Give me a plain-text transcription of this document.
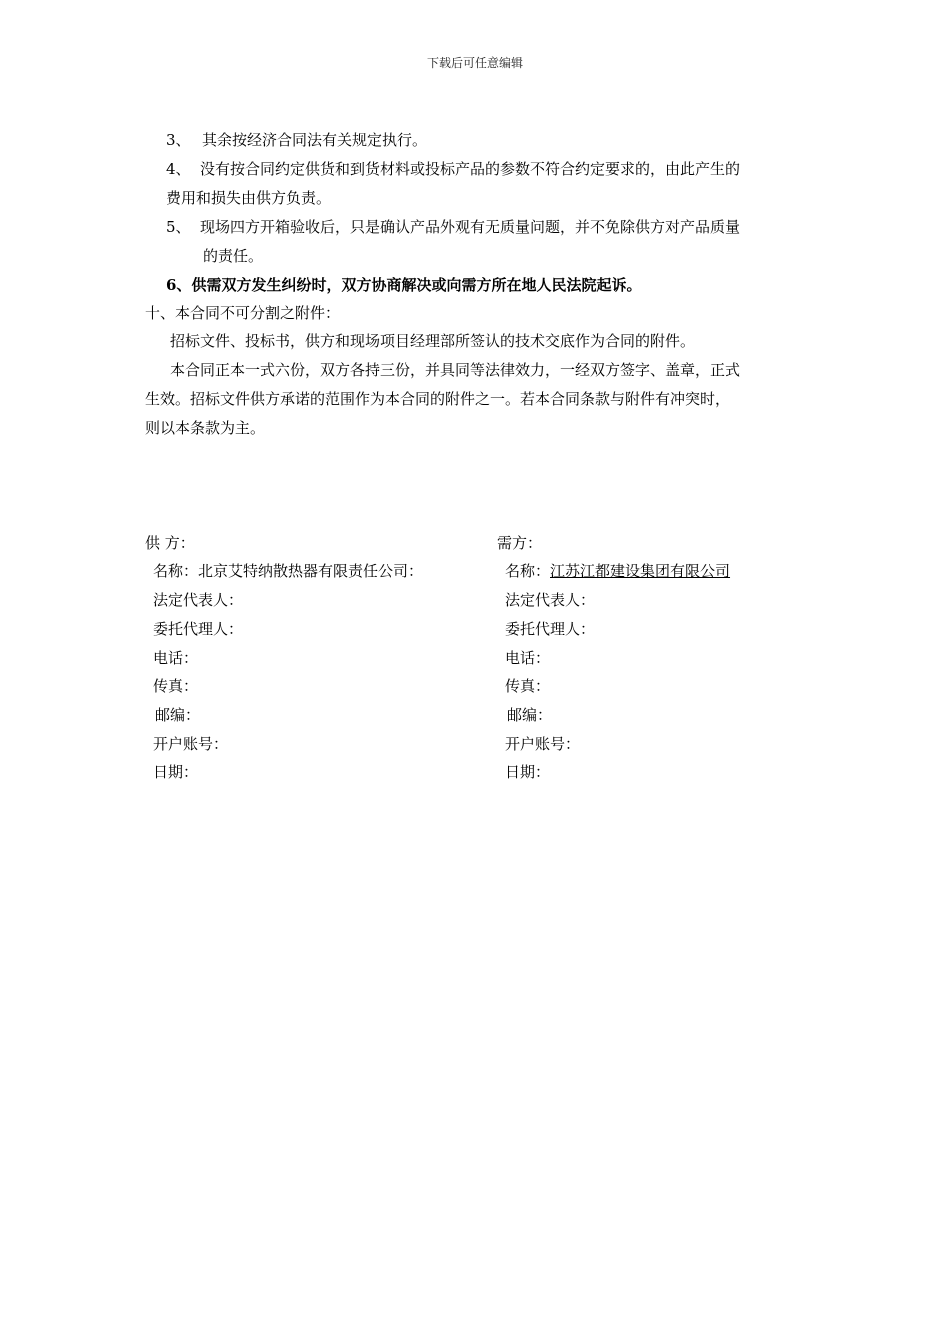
下载后可任意编辑
3、 其余按经济合同法有关规定执行。
4、 没有按合同约定供货和到货材料或投标产品的参数不符合约定要求的，由此产生的
费用和损失由供方负责。
5、 现场四方开箱验收后，只是确认产品外观有无质量问题，并不免除供方对产品质量
的责任。
6、供需双方发生纠纷时，双方协商解决或向需方所在地人民法院起诉。
十、本合同不可分割之附件：
招标文件、投标书，供方和现场项目经理部所签认的技术交底作为合同的附件。
本合同正本一式六份，双方各持三份，并具同等法律效力，一经双方签字、盖章，正式
生效。招标文件供方承诺的范围作为本合同的附件之一。若本合同条款与附件有冲突时，
则以本条款为主。
供 方：
名称：北京艾特纳散热器有限责任公司：
法定代表人：
委托代理人：
电话：
传真：
邮编：
开户账号：
日期：
需方：
名称：江苏江都建设集团有限公司
法定代表人：
委托代理人：
电话：
传真：
邮编：
开户账号：
日期：
